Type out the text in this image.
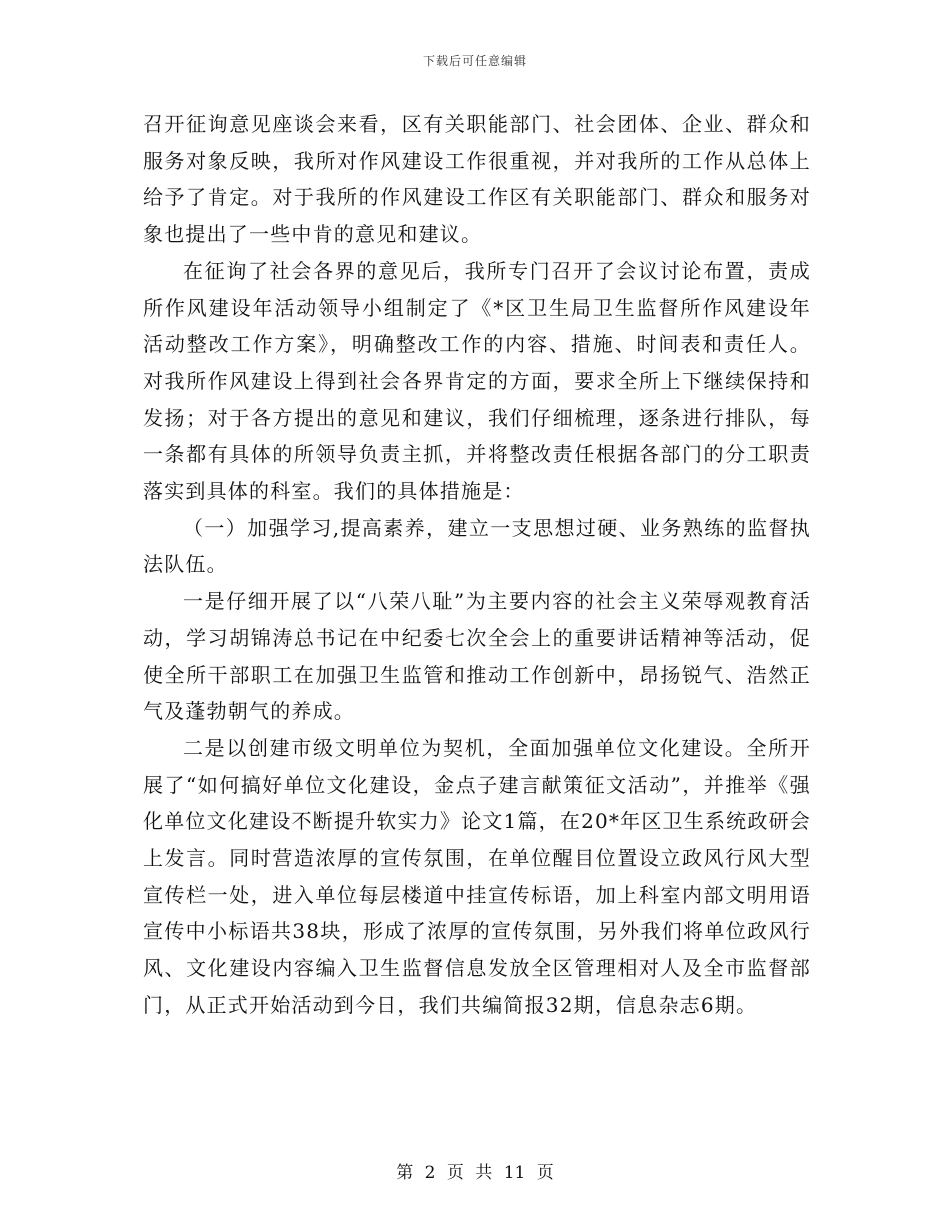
下载后可任意编辑

召开征询意见座谈会来看，区有关职能部门、社会团体、企业、群众和服务对象反映，我所对作风建设工作很重视，并对我所的工作从总体上给予了肯定。对于我所的作风建设工作区有关职能部门、群众和服务对象也提出了一些中肯的意见和建议。

在征询了社会各界的意见后，我所专门召开了会议讨论布置，责成所作风建设年活动领导小组制定了《*区卫生局卫生监督所作风建设年活动整改工作方案》，明确整改工作的内容、措施、时间表和责任人。对我所作风建设上得到社会各界肯定的方面，要求全所上下继续保持和发扬；对于各方提出的意见和建议，我们仔细梳理，逐条进行排队，每一条都有具体的所领导负责主抓，并将整改责任根据各部门的分工职责落实到具体的科室。我们的具体措施是：

（一）加强学习,提高素养，建立一支思想过硬、业务熟练的监督执法队伍。

一是仔细开展了以“八荣八耻”为主要内容的社会主义荣辱观教育活动，学习胡锦涛总书记在中纪委七次全会上的重要讲话精神等活动，促使全所干部职工在加强卫生监管和推动工作创新中，昂扬锐气、浩然正气及蓬勃朝气的养成。

二是以创建市级文明单位为契机，全面加强单位文化建设。全所开展了“如何搞好单位文化建设，金点子建言献策征文活动”，并推举《强化单位文化建设不断提升软实力》论文1篇，在20*年区卫生系统政研会上发言。同时营造浓厚的宣传氛围，在单位醒目位置设立政风行风大型宣传栏一处，进入单位每层楼道中挂宣传标语，加上科室内部文明用语宣传中小标语共38块，形成了浓厚的宣传氛围，另外我们将单位政风行风、文化建设内容编入卫生监督信息发放全区管理相对人及全市监督部门，从正式开始活动到今日，我们共编简报32期，信息杂志6期。

第 2 页 共 11 页
